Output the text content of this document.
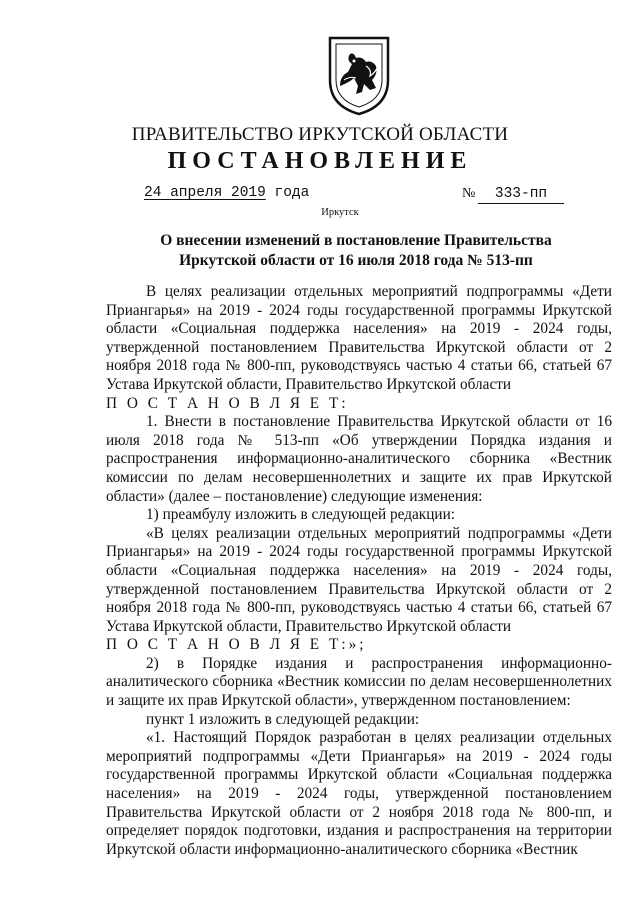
ПРАВИТЕЛЬСТВО ИРКУТСКОЙ ОБЛАСТИ
ПОСТАНОВЛЕНИЕ
24 апреля 2019 года	№	333-пп
Иркутск
О внесении изменений в постановление Правительства
Иркутской области от 16 июля 2018 года № 513-пп

В целях реализации отдельных мероприятий подпрограммы «Дети Приангарья» на 2019 - 2024 годы государственной программы Иркутской области «Социальная поддержка населения» на 2019 - 2024 годы, утвержденной постановлением Правительства Иркутской области от 2 ноября 2018 года № 800-пп, руководствуясь частью 4 статьи 66, статьей 67 Устава Иркутской области, Правительство Иркутской области

П О С Т А Н О В Л Я Е Т:

1. Внести в постановление Правительства Иркутской области от 16 июля 2018 года № 513-пп «Об утверждении Порядка издания и распространения информационно-аналитического сборника «Вестник комиссии по делам несовершеннолетних и защите их прав Иркутской области» (далее – постановление) следующие изменения:

1) преамбулу изложить в следующей редакции:

«В целях реализации отдельных мероприятий подпрограммы «Дети Приангарья» на 2019 - 2024 годы государственной программы Иркутской области «Социальная поддержка населения» на 2019 - 2024 годы, утвержденной постановлением Правительства Иркутской области от 2 ноября 2018 года № 800-пп, руководствуясь частью 4 статьи 66, статьей 67 Устава Иркутской области, Правительство Иркутской области

П О С Т А Н О В Л Я Е Т:»;

2) в Порядке издания и распространения информационно-аналитического сборника «Вестник комиссии по делам несовершеннолетних и защите их прав Иркутской области», утвержденном постановлением:

пункт 1 изложить в следующей редакции:

«1. Настоящий Порядок разработан в целях реализации отдельных мероприятий подпрограммы «Дети Приангарья» на 2019 - 2024 годы государственной программы Иркутской области «Социальная поддержка населения» на 2019 - 2024 годы, утвержденной постановлением Правительства Иркутской области от 2 ноября 2018 года № 800-пп, и определяет порядок подготовки, издания и распространения на территории Иркутской области информационно-аналитического сборника «Вестник
